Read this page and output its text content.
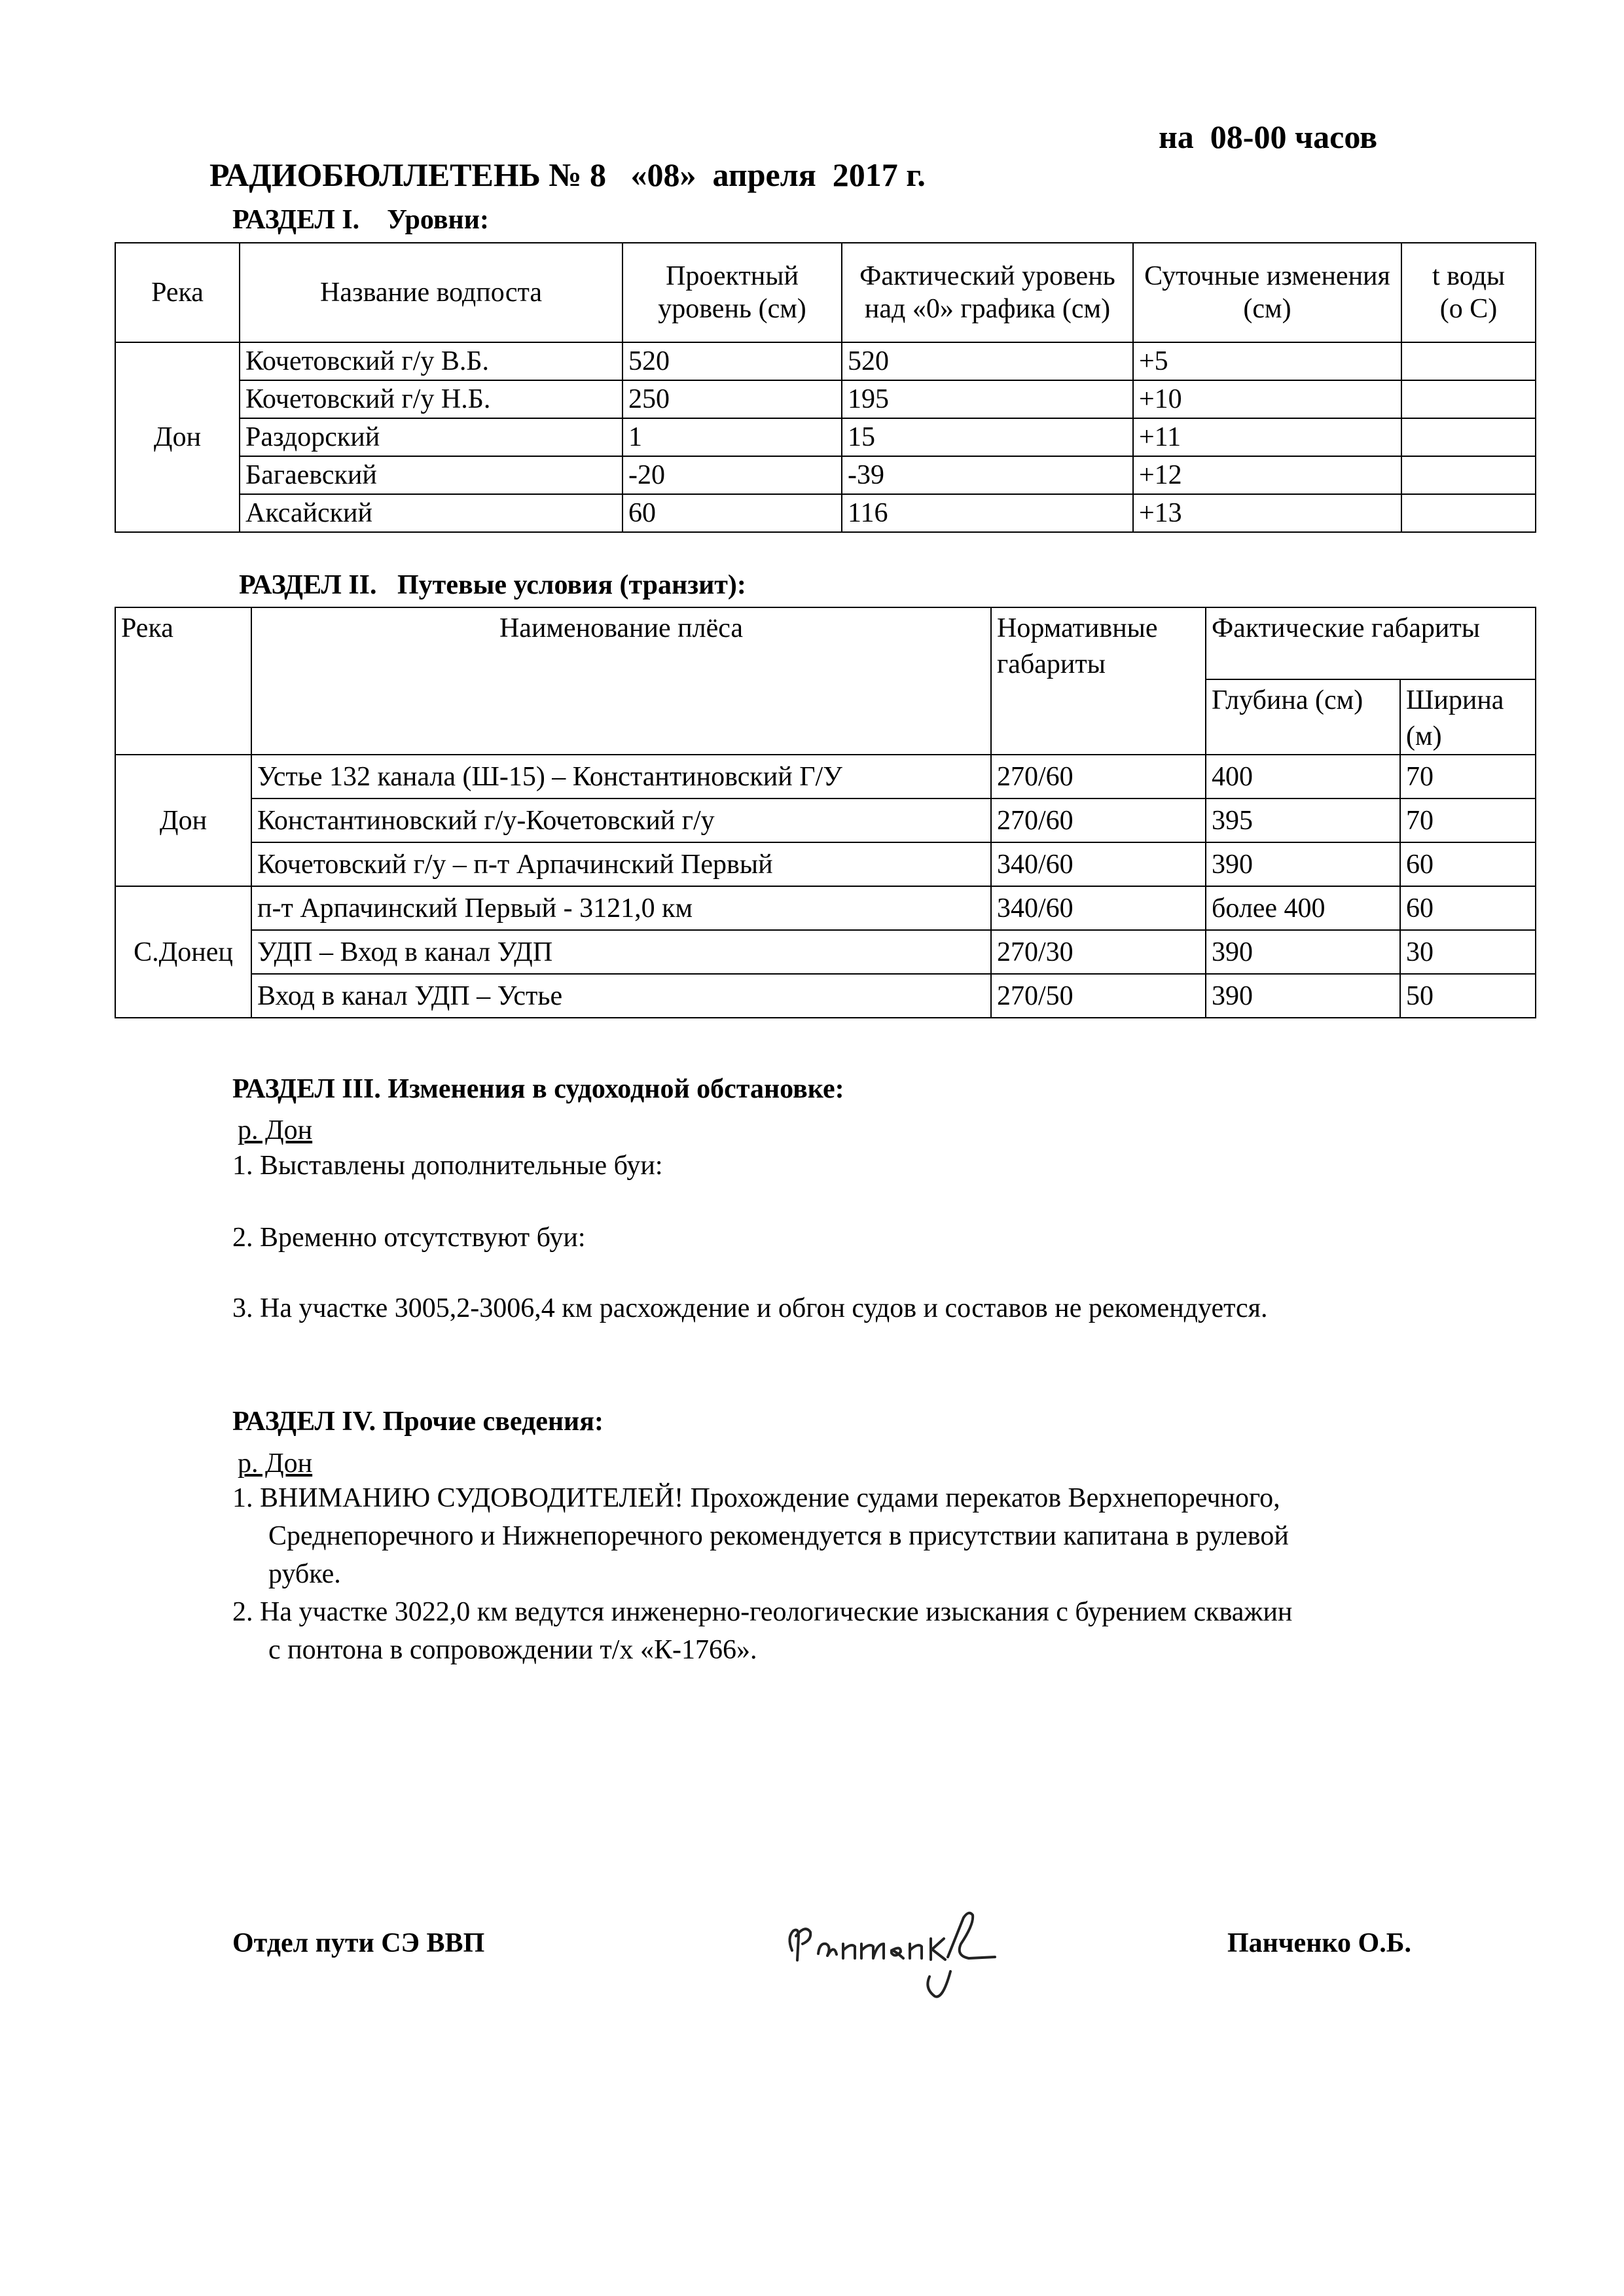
РАДИОБЮЛЛЕТЕНЬ № 8   «08»  апреля  2017 г.

на  08-00 часов

РАЗДЕЛ I.    Уровни:
Река	Название водпоста	Проектный уровень (см)	Фактический уровень над «0» графика (см)	Суточные изменения (см)	t воды
(о С)

Дон	Кочетовский г/у В.Б.	520	520	+5	
	Кочетовский г/у Н.Б.	250	195	+10	
	Раздорский	1	15	+11	
	Багаевский	-20	-39	+12	
	Аксайский	60	116	+13	
РАЗДЕЛ II.   Путевые условия (транзит):
Река	Наименование плёса	Нормативные габариты	Фактические габариты	
			Глубина (см)	Ширина (м)
Дон	Устье 132 канала (Ш-15) – Константиновский Г/У	270/60	400	70
	Константиновский г/у-Кочетовский г/у	270/60	395	70
	Кочетовский г/у – п-т Арпачинский Первый	340/60	390	60
С.Донец	п-т Арпачинский Первый - 3121,0 км	340/60	более 400	60
	УДП – Вход в канал УДП	270/30	390	30
	Вход в канал УДП – Устье	270/50	390	50
РАЗДЕЛ III. Изменения в судоходной обстановке:
р. Дон
1. Выставлены дополнительные буи:
2. Временно отсутствуют буи:
3. На участке 3005,2-3006,4 км расхождение и обгон судов и составов не рекомендуется.
РАЗДЕЛ IV. Прочие сведения:
р. Дон
1. ВНИМАНИЮ СУДОВОДИТЕЛЕЙ! Прохождение судами перекатов Верхнепоречного,
Среднепоречного и Нижнепоречного рекомендуется в присутствии капитана в рулевой
рубке.
2. На участке 3022,0 км ведутся инженерно-геологические изыскания с бурением скважин
с понтона в сопровождении т/х «К-1766».
Отдел пути СЭ ВВП	Панченко О.Б.
